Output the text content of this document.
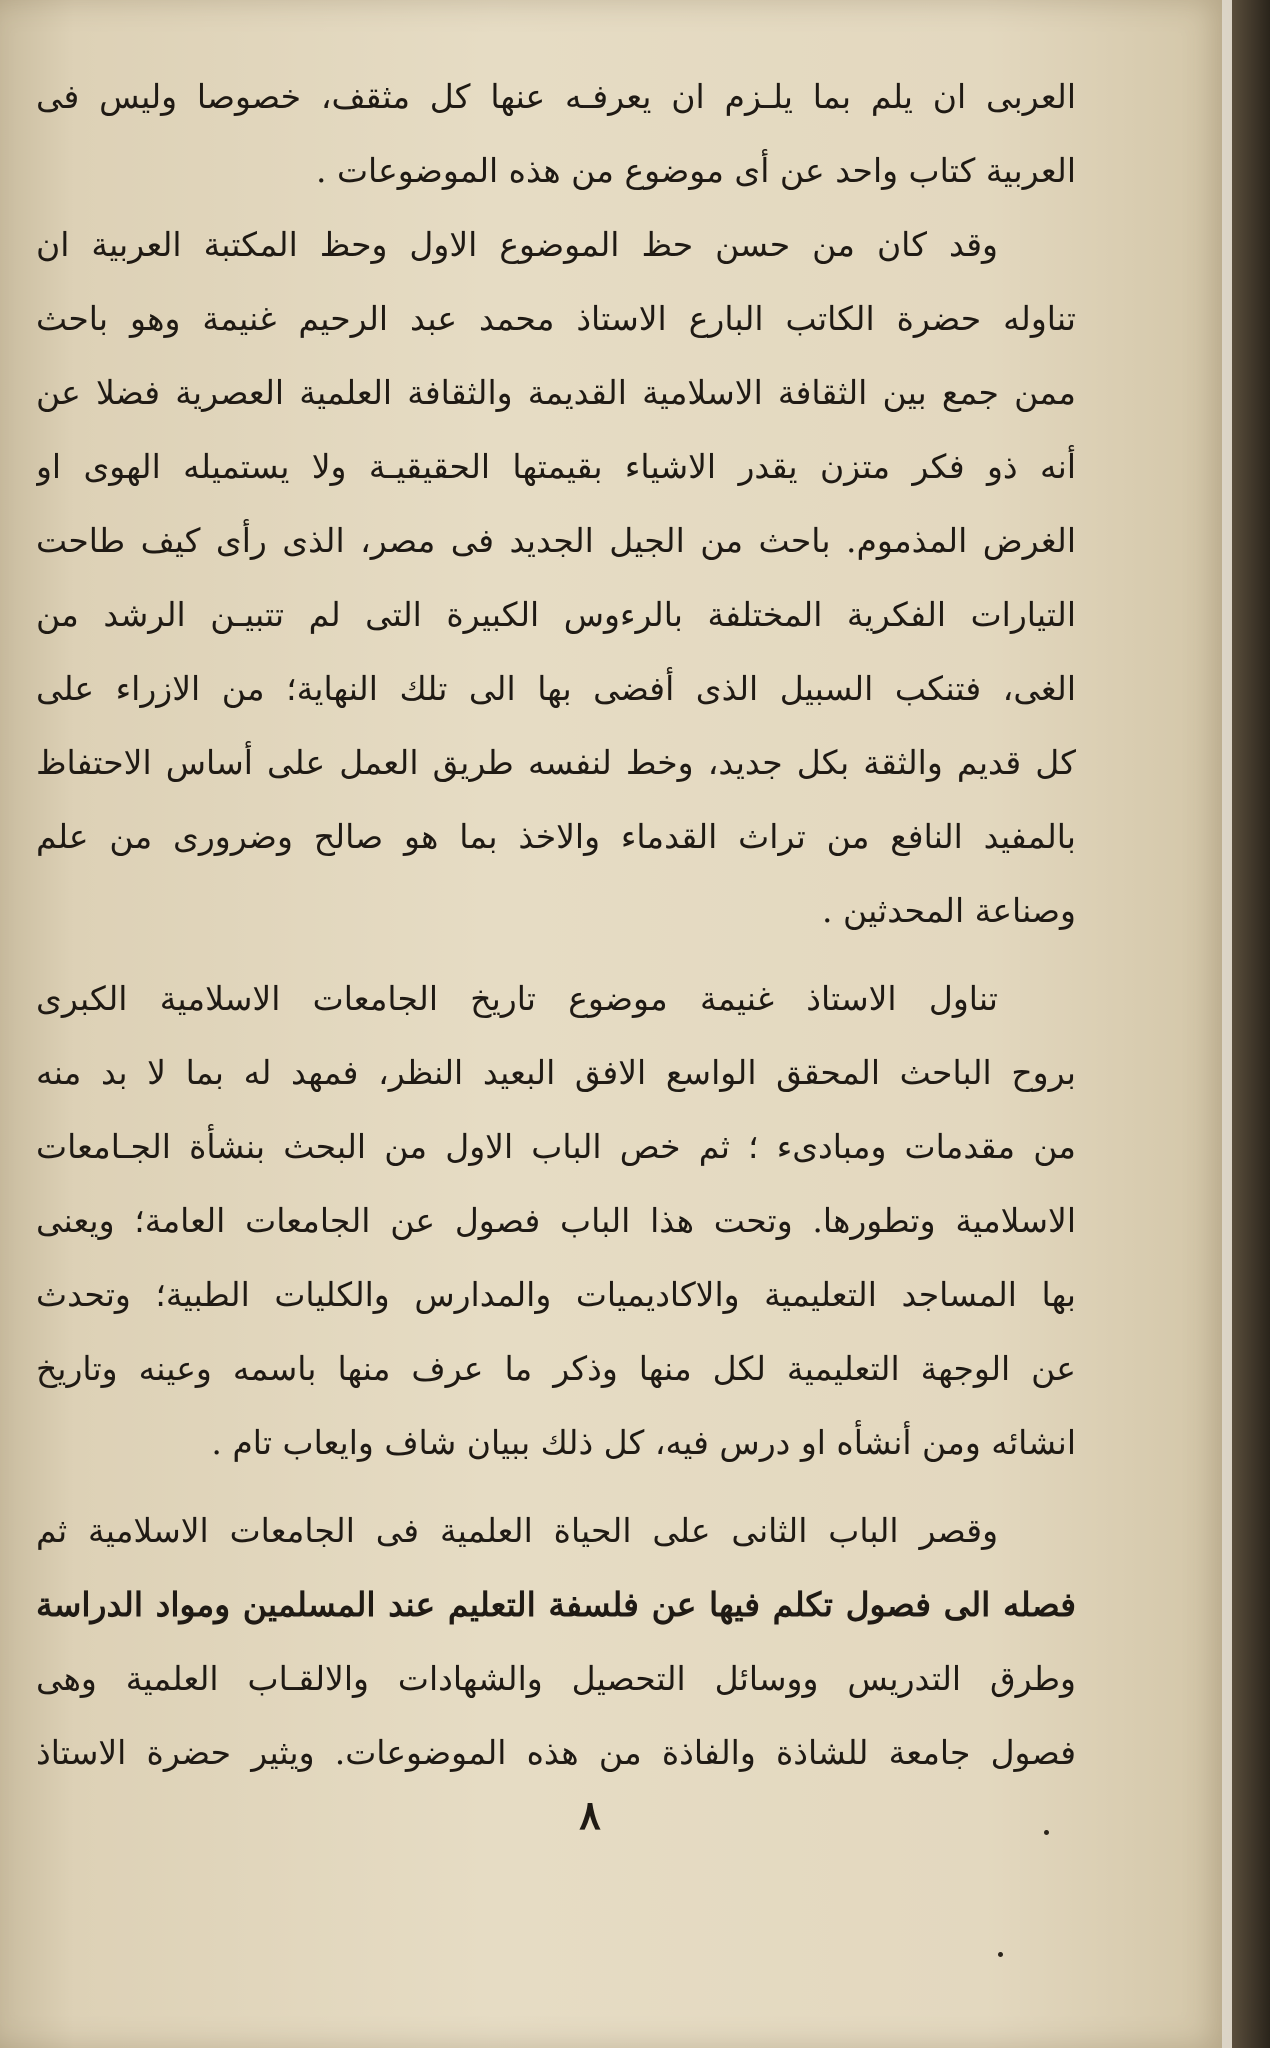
العربى ان يلم بما يلـزم ان يعرفـه عنها كل مثقف، خصوصا وليس فى
العربية كتاب واحد عن أى موضوع من هذه الموضوعات .
وقد كان من حسن حظ الموضوع الاول وحظ المكتبة العربية ان
تناوله حضرة الكاتب البارع الاستاذ محمد عبد الرحيم غنيمة وهو باحث
ممن جمع بين الثقافة الاسلامية القديمة والثقافة العلمية العصرية فضلا عن
أنه ذو فكر متزن يقدر الاشياء بقيمتها الحقيقيـة ولا يستميله الهوى او
الغرض المذموم. باحث من الجيل الجديد فى مصر، الذى رأى كيف طاحت
التيارات الفكرية المختلفة بالرءوس الكبيرة التى لم تتبيـن الرشد من
الغى، فتنكب السبيل الذى أفضى بها الى تلك النهاية؛ من الازراء على
كل قديم والثقة بكل جديد، وخط لنفسه طريق العمل على أساس الاحتفاظ
بالمفيد النافع من تراث القدماء والاخذ بما هو صالح وضرورى من علم
وصناعة المحدثين .
تناول الاستاذ غنيمة موضوع تاريخ الجامعات الاسلامية الكبرى
بروح الباحث المحقق الواسع الافق البعيد النظر، فمهد له بما لا بد منه
من مقدمات ومبادىء ؛ ثم خص الباب الاول من البحث بنشأة الجـامعات
الاسلامية وتطورها. وتحت هذا الباب فصول عن الجامعات العامة؛ ويعنى
بها المساجد التعليمية والاكاديميات والمدارس والكليات الطبية؛ وتحدث
عن الوجهة التعليمية لكل منها وذكر ما عرف منها باسمه وعينه وتاريخ
انشائه ومن أنشأه او درس فيه، كل ذلك ببيان شاف وايعاب تام .
وقصر الباب الثانى على الحياة العلمية فى الجامعات الاسلامية ثم
فصله الى فصول تكلم فيها عن فلسفة التعليم عند المسلمين ومواد الدراسة
وطرق التدريس ووسائل التحصيل والشهادات والالقـاب العلمية وهى
فصول جامعة للشاذة والفاذة من هذه الموضوعات. ويثير حضرة الاستاذ
٨
